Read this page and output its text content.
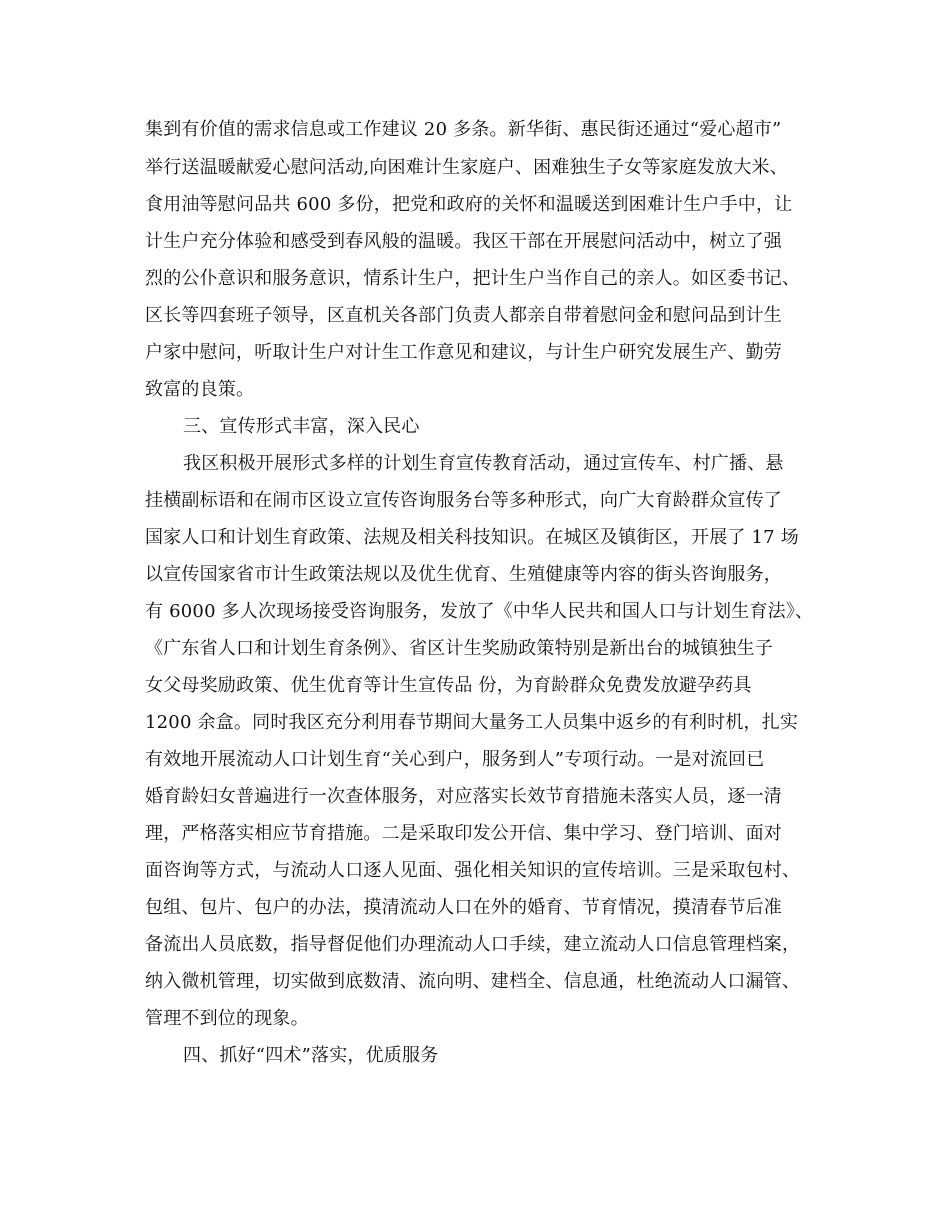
集到有价值的需求信息或工作建议 20 多条。新华街、惠民街还通过“爱心超市”
举行送温暖献爱心慰问活动,向困难计生家庭户、困难独生子女等家庭发放大米、
食用油等慰问品共 600 多份，把党和政府的关怀和温暖送到困难计生户手中，让
计生户充分体验和感受到春风般的温暖。我区干部在开展慰问活动中，树立了强
烈的公仆意识和服务意识，情系计生户，把计生户当作自己的亲人。如区委书记、
区长等四套班子领导，区直机关各部门负责人都亲自带着慰问金和慰问品到计生
户家中慰问，听取计生户对计生工作意见和建议，与计生户研究发展生产、勤劳
致富的良策。
三、宣传形式丰富，深入民心
我区积极开展形式多样的计划生育宣传教育活动，通过宣传车、村广播、悬
挂横副标语和在闹市区设立宣传咨询服务台等多种形式，向广大育龄群众宣传了
国家人口和计划生育政策、法规及相关科技知识。在城区及镇街区，开展了 17 场
以宣传国家省市计生政策法规以及优生优育、生殖健康等内容的街头咨询服务，
有 6000 多人次现场接受咨询服务，发放了《中华人民共和国人口与计划生育法》、
《广东省人口和计划生育条例》、省区计生奖励政策特别是新出台的城镇独生子
女父母奖励政策、优生优育等计生宣传品 份，为育龄群众免费发放避孕药具
1200 余盒。同时我区充分利用春节期间大量务工人员集中返乡的有利时机，扎实
有效地开展流动人口计划生育“关心到户，服务到人”专项行动。一是对流回已
婚育龄妇女普遍进行一次查体服务，对应落实长效节育措施未落实人员，逐一清
理，严格落实相应节育措施。二是采取印发公开信、集中学习、登门培训、面对
面咨询等方式，与流动人口逐人见面、强化相关知识的宣传培训。三是采取包村、
包组、包片、包户的办法，摸清流动人口在外的婚育、节育情况，摸清春节后准
备流出人员底数，指导督促他们办理流动人口手续，建立流动人口信息管理档案，
纳入微机管理，切实做到底数清、流向明、建档全、信息通，杜绝流动人口漏管、
管理不到位的现象。
四、抓好“四术”落实，优质服务
